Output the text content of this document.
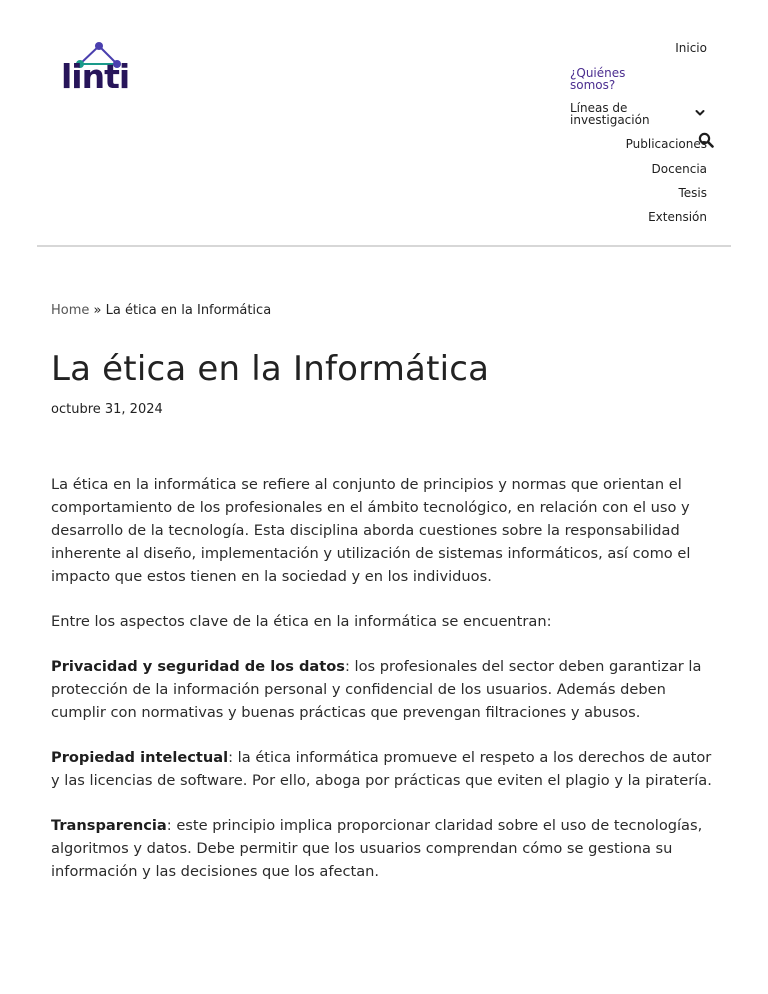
linti
Inicio
¿Quiénes somos?
Líneas de investigación
Publicaciones
Docencia
Tesis
Extensión
Home » La ética en la Informática
La ética en la Informática
octubre 31, 2024

La ética en la informática se refiere al conjunto de principios y normas que orientan el comportamiento de los profesionales en el ámbito tecnológico, en relación con el uso y desarrollo de la tecnología. Esta disciplina aborda cuestiones sobre la responsabilidad inherente al diseño, implementación y utilización de sistemas informáticos, así como el impacto que estos tienen en la sociedad y en los individuos.

Entre los aspectos clave de la ética en la informática se encuentran:

Privacidad y seguridad de los datos: los profesionales del sector deben garantizar la protección de la información personal y confidencial de los usuarios. Además deben cumplir con normativas y buenas prácticas que prevengan filtraciones y abusos.

Propiedad intelectual: la ética informática promueve el respeto a los derechos de autor y las licencias de software. Por ello, aboga por prácticas que eviten el plagio y la piratería.

Transparencia: este principio implica proporcionar claridad sobre el uso de tecnologías, algoritmos y datos. Debe permitir que los usuarios comprendan cómo se gestiona su información y las decisiones que los afectan.
